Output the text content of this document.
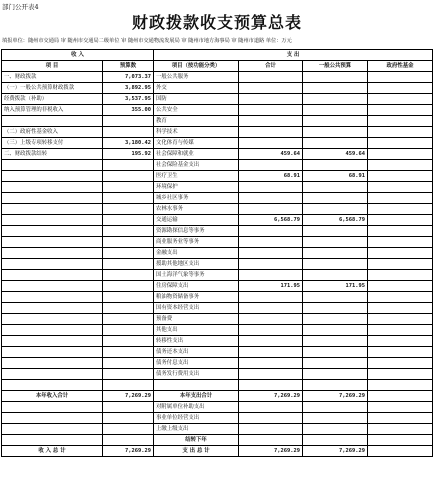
部门公开表4
财政拨款收支预算总表
填报单位：随州市交通局 审 随州市交通局二级单位 审 随州市交通物流发展局 审 随州市地方海事局 审 随州市道路 单位：万元
收 入		支 出			
项 目	预算数	项目（按功能分类）	合计	一般公共预算	政府性基金
一、财政拨款	7,073.37	一般公共服务			
（一）一般公共预算财政拨款	3,892.95	外交			
经费拨款（补助）	3,537.95	国防			
纳入预算管理的非税收入	355.00	公共安全			
		教育			
（二）政府性基金收入		科学技术			
（三）上级专项转移支付	3,180.42	文化体育与传媒			
二、财政拨款结转	195.92	社会保障和就业	459.64	459.64	
		社会保险基金支出			
		医疗卫生	68.91	68.91	
		环境保护			
		城乡社区事务			
		农林水事务			
		交通运输	6,568.79	6,568.79	
		资源勘探信息等事务			
		商业服务业等事务			
		金融支出			
		援助其他地区支出			
		国土海洋气象等事务			
		住房保障支出	171.95	171.95	
		粮油物资储备事务			
		国有资本经营支出			
		预备费			
		其他支出			
		转移性支出			
		债务还本支出			
		债务付息支出			
		债务发行费用支出			

本年收入合计	7,269.29	本年支出合计	7,269.29	7,269.29	
		对附属单位补助支出			
		事业单位经营支出			
		上缴上级支出			
		结转下年			
收 入 总 计	7,269.29	支 出 总 计	7,269.29	7,269.29	
